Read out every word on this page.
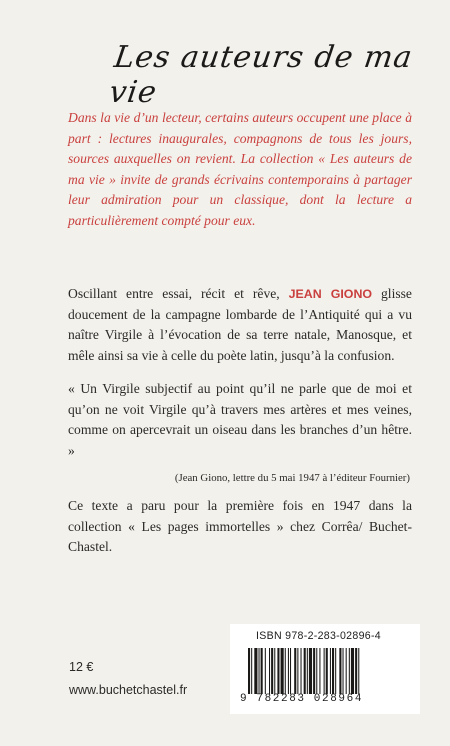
Les auteurs de ma vie

Dans la vie d’un lecteur, certains auteurs occupent une place à part : lectures inaugurales, compagnons de tous les jours, sources auxquelles on revient. La collection « Les auteurs de ma vie » invite de grands écrivains contemporains à partager leur admiration pour un classique, dont la lecture a particulièrement compté pour eux.

Oscillant entre essai, récit et rêve, JEAN GIONO glisse doucement de la campagne lombarde de l’Antiquité qui a vu naître Virgile à l’évocation de sa terre natale, Manosque, et mêle ainsi sa vie à celle du poète latin, jusqu’à la confusion.

« Un Virgile subjectif au point qu’il ne parle que de moi et qu’on ne voit Virgile qu’à travers mes artères et mes veines, comme on apercevrait un oiseau dans les branches d’un hêtre. »

(Jean Giono, lettre du 5 mai 1947 à l’éditeur Fournier)

Ce texte a paru pour la première fois en 1947 dans la collection « Les pages immortelles » chez Corrêa/ Buchet-Chastel.

ISBN 978-2-283-02896-4

9 782283 028964

12 €

www.buchetchastel.fr
